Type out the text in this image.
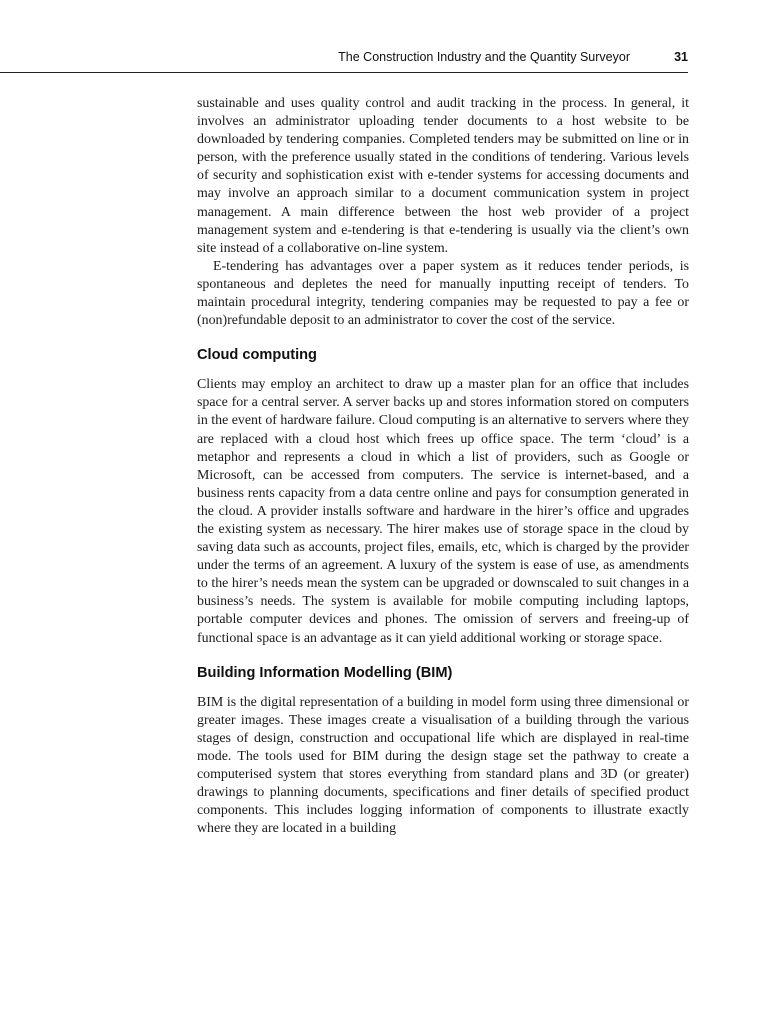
The Construction Industry and the Quantity Surveyor	31

sustainable and uses quality control and audit tracking in the process. In general, it involves an administrator uploading tender documents to a host website to be downloaded by tendering companies. Completed tenders may be submitted on line or in person, with the preference usually stated in the conditions of tendering. Various levels of security and sophistication exist with e-tender systems for accessing documents and may involve an approach similar to a document communication system in project management. A main difference between the host web provider of a project management system and e-tendering is that e-tendering is usually via the client’s own site instead of a collaborative on-line system.

E-tendering has advantages over a paper system as it reduces tender periods, is spontaneous and depletes the need for manually inputting receipt of tenders. To maintain procedural integrity, tendering companies may be requested to pay a fee or (non)refundable deposit to an administrator to cover the cost of the service.

Cloud computing

Clients may employ an architect to draw up a master plan for an office that includes space for a central server. A server backs up and stores information stored on computers in the event of hardware failure. Cloud computing is an alternative to servers where they are replaced with a cloud host which frees up office space. The term ‘cloud’ is a metaphor and represents a cloud in which a list of providers, such as Google or Microsoft, can be accessed from computers. The service is internet-based, and a business rents capacity from a data centre online and pays for consumption generated in the cloud. A provider installs software and hardware in the hirer’s office and upgrades the existing system as necessary. The hirer makes use of storage space in the cloud by saving data such as accounts, project files, emails, etc, which is charged by the provider under the terms of an agreement. A luxury of the system is ease of use, as amendments to the hirer’s needs mean the system can be upgraded or downscaled to suit changes in a business’s needs. The system is available for mobile computing including laptops, portable computer devices and phones. The omission of servers and freeing-up of functional space is an advantage as it can yield additional working or storage space.

Building Information Modelling (BIM)

BIM is the digital representation of a building in model form using three dimensional or greater images. These images create a visualisation of a building through the various stages of design, construction and occupational life which are displayed in real-time mode. The tools used for BIM during the design stage set the pathway to create a computerised system that stores everything from standard plans and 3D (or greater) drawings to planning documents, specifications and finer details of specified product components. This includes logging information of components to illustrate exactly where they are located in a building
